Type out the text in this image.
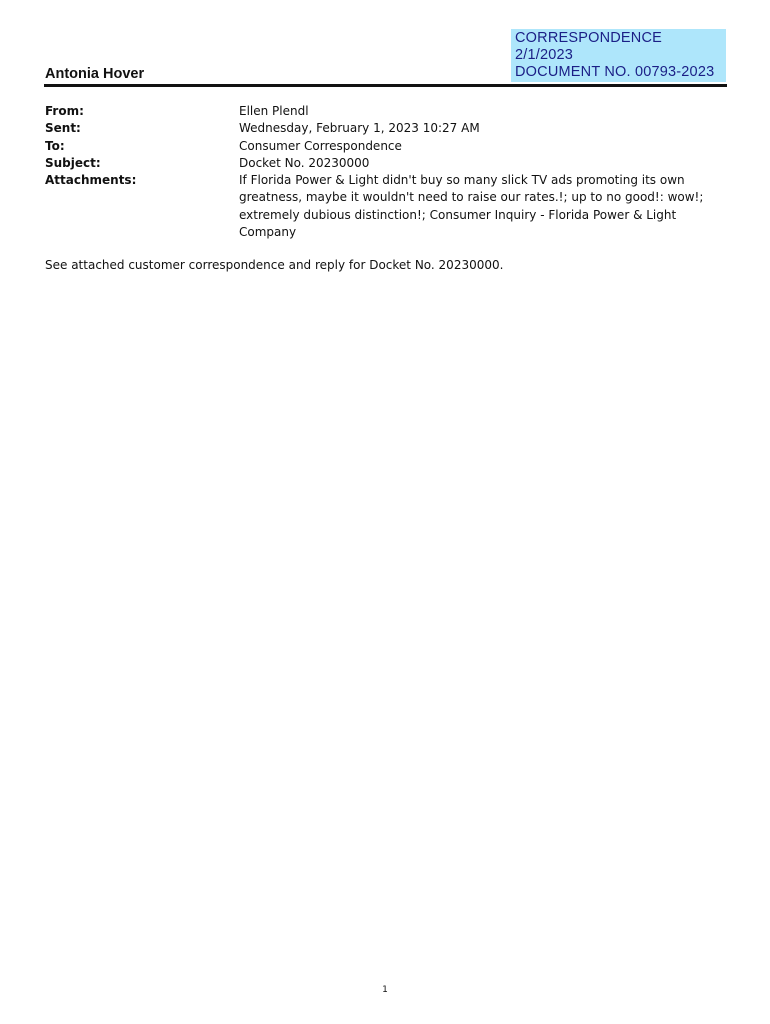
CORRESPONDENCE
2/1/2023
DOCUMENT NO. 00793-2023
Antonia Hover
From:	Ellen Plendl
Sent:	Wednesday, February 1, 2023 10:27 AM
To:	Consumer Correspondence
Subject:	Docket No. 20230000
Attachments:	If Florida Power & Light didn't buy so many slick TV ads promoting its own greatness, maybe it wouldn't need to raise our rates.!; up to no good!: wow!; extremely dubious distinction!; Consumer Inquiry - Florida Power & Light Company
See attached customer correspondence and reply for Docket No. 20230000.
1
